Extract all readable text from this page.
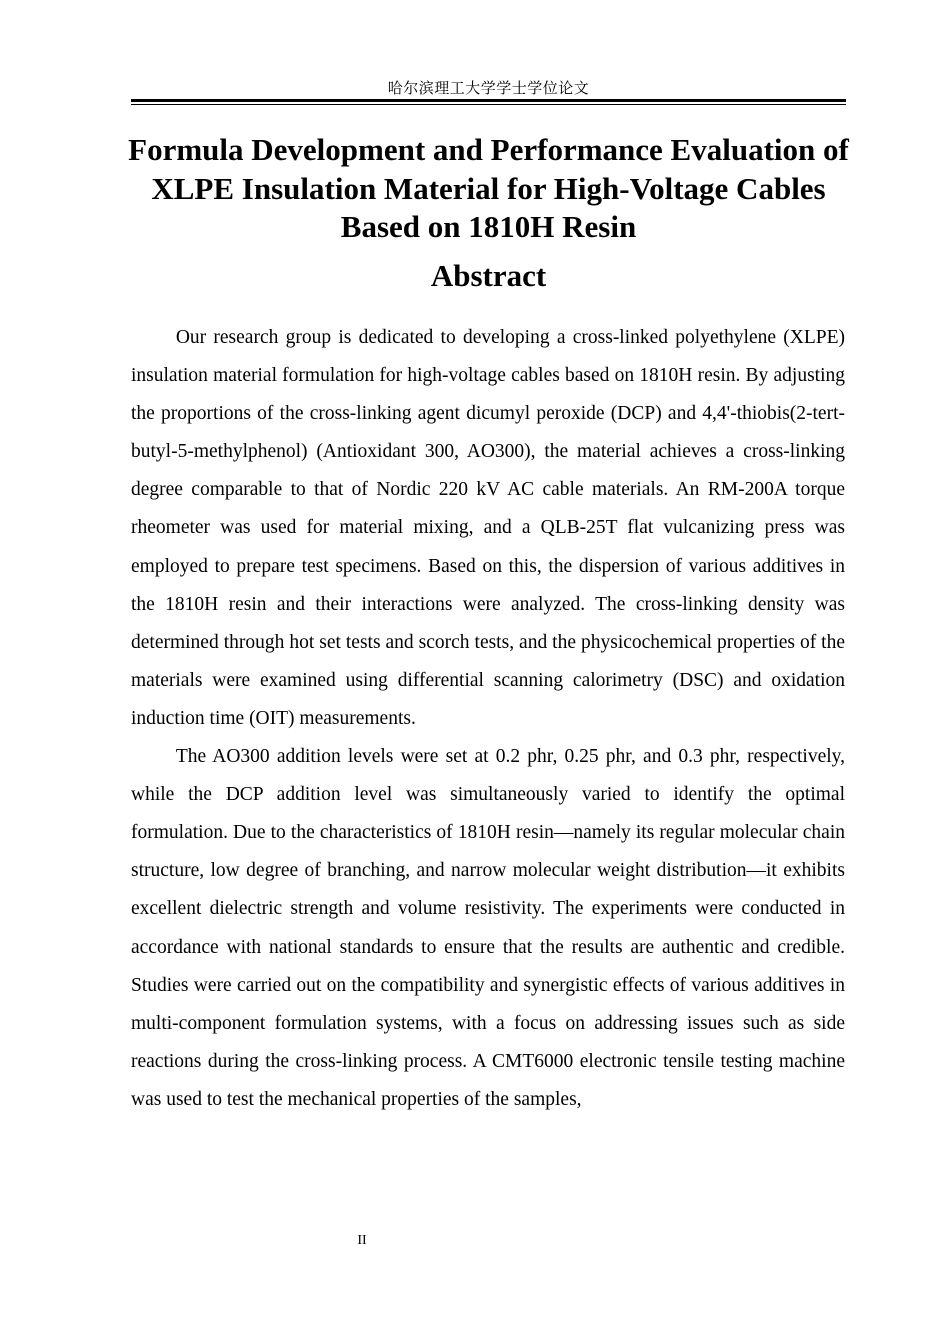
哈尔滨理工大学学士学位论文
Formula Development and Performance Evaluation of XLPE Insulation Material for High-Voltage Cables Based on 1810H Resin
Abstract

Our research group is dedicated to developing a cross-linked polyethylene (XLPE) insulation material formulation for high-voltage cables based on 1810H resin. By adjusting the proportions of the cross-linking agent dicumyl peroxide (DCP) and 4,4'-thiobis(2-tert-butyl-5-methylphenol) (Antioxidant 300, AO300), the material achieves a cross-linking degree comparable to that of Nordic 220 kV AC cable materials. An RM-200A torque rheometer was used for material mixing, and a QLB-25T flat vulcanizing press was employed to prepare test specimens. Based on this, the dispersion of various additives in the 1810H resin and their interactions were analyzed. The cross-linking density was determined through hot set tests and scorch tests, and the physicochemical properties of the materials were examined using differential scanning calorimetry (DSC) and oxidation induction time (OIT) measurements.

The AO300 addition levels were set at 0.2 phr, 0.25 phr, and 0.3 phr, respectively, while the DCP addition level was simultaneously varied to identify the optimal formulation. Due to the characteristics of 1810H resin—namely its regular molecular chain structure, low degree of branching, and narrow molecular weight distribution—it exhibits excellent dielectric strength and volume resistivity. The experiments were conducted in accordance with national standards to ensure that the results are authentic and credible. Studies were carried out on the compatibility and synergistic effects of various additives in multi-component formulation systems, with a focus on addressing issues such as side reactions during the cross-linking process. A CMT6000 electronic tensile testing machine was used to test the mechanical properties of the samples,

II
